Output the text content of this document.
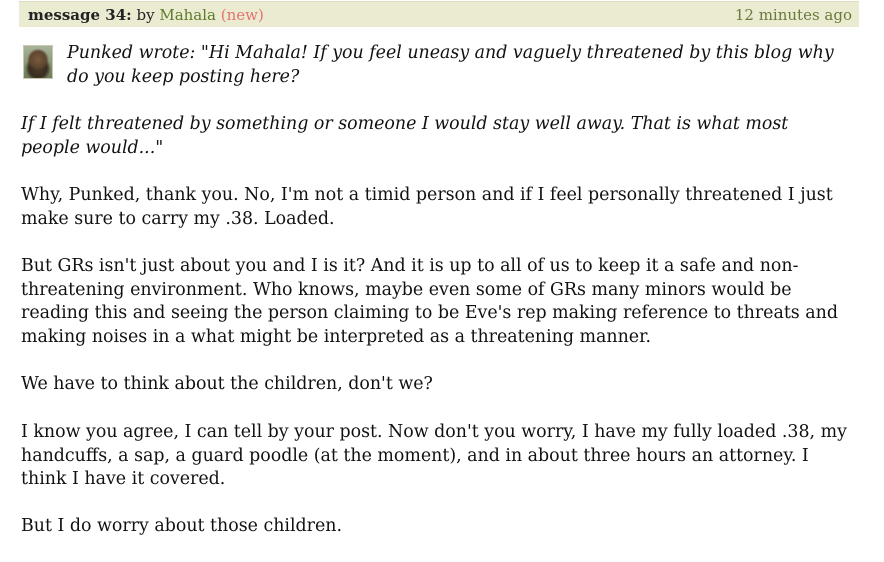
message 34: by Mahala (new)	12 minutes ago
Punked wrote: "Hi Mahala! If you feel uneasy and vaguely threatened by this blog why do you keep posting here?

If I felt threatened by something or someone I would stay well away. That is what most people would..."

Why, Punked, thank you. No, I'm not a timid person and if I feel personally threatened I just make sure to carry my .38. Loaded.

But GRs isn't just about you and I is it? And it is up to all of us to keep it a safe and non-threatening environment. Who knows, maybe even some of GRs many minors would be reading this and seeing the person claiming to be Eve's rep making reference to threats and making noises in a what might be interpreted as a threatening manner.

We have to think about the children, don't we?

I know you agree, I can tell by your post. Now don't you worry, I have my fully loaded .38, my handcuffs, a sap, a guard poodle (at the moment), and in about three hours an attorney. I think I have it covered.

But I do worry about those children.
